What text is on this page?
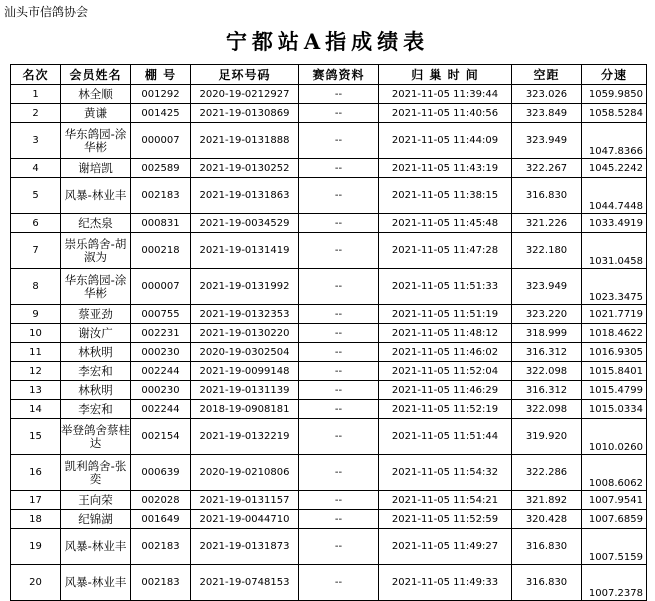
汕头市信鸽协会
宁都站A指成绩表
名次	会员姓名	棚 号	足环号码	赛鸽资料	归 巢 时 间	空距	分速
1	林全顺	001292	2020-19-0212927	--	2021-11-05 11:39:44	323.026	1059.9850
2	黄谦	001425	2021-19-0130869	--	2021-11-05 11:40:56	323.849	1058.5284
3	华东鸽园-涂华彬	000007	2021-19-0131888	--	2021-11-05 11:44:09	323.949	1047.8366
4	谢培凯	002589	2021-19-0130252	--	2021-11-05 11:43:19	322.267	1045.2242
5	风暴-林业丰	002183	2021-19-0131863	--	2021-11-05 11:38:15	316.830	1044.7448
6	纪杰泉	000831	2021-19-0034529	--	2021-11-05 11:45:48	321.226	1033.4919
7	崇乐鸽舍-胡淑为	000218	2021-19-0131419	--	2021-11-05 11:47:28	322.180	1031.0458
8	华东鸽园-涂华彬	000007	2021-19-0131992	--	2021-11-05 11:51:33	323.949	1023.3475
9	蔡亚劲	000755	2021-19-0132353	--	2021-11-05 11:51:19	323.220	1021.7719
10	谢汝广	002231	2021-19-0130220	--	2021-11-05 11:48:12	318.999	1018.4622
11	林秋明	000230	2020-19-0302504	--	2021-11-05 11:46:02	316.312	1016.9305
12	李宏和	002244	2021-19-0099148	--	2021-11-05 11:52:04	322.098	1015.8401
13	林秋明	000230	2021-19-0131139	--	2021-11-05 11:46:29	316.312	1015.4799
14	李宏和	002244	2018-19-0908181	--	2021-11-05 11:52:19	322.098	1015.0334
15	举登鸽舍蔡桂达	002154	2021-19-0132219	--	2021-11-05 11:51:44	319.920	1010.0260
16	凯利鸽舍-张奕	000639	2020-19-0210806	--	2021-11-05 11:54:32	322.286	1008.6062
17	王向荣	002028	2021-19-0131157	--	2021-11-05 11:54:21	321.892	1007.9541
18	纪锦湖	001649	2021-19-0044710	--	2021-11-05 11:52:59	320.428	1007.6859
19	风暴-林业丰	002183	2021-19-0131873	--	2021-11-05 11:49:27	316.830	1007.5159
20	风暴-林业丰	002183	2021-19-0748153	--	2021-11-05 11:49:33	316.830	1007.2378
